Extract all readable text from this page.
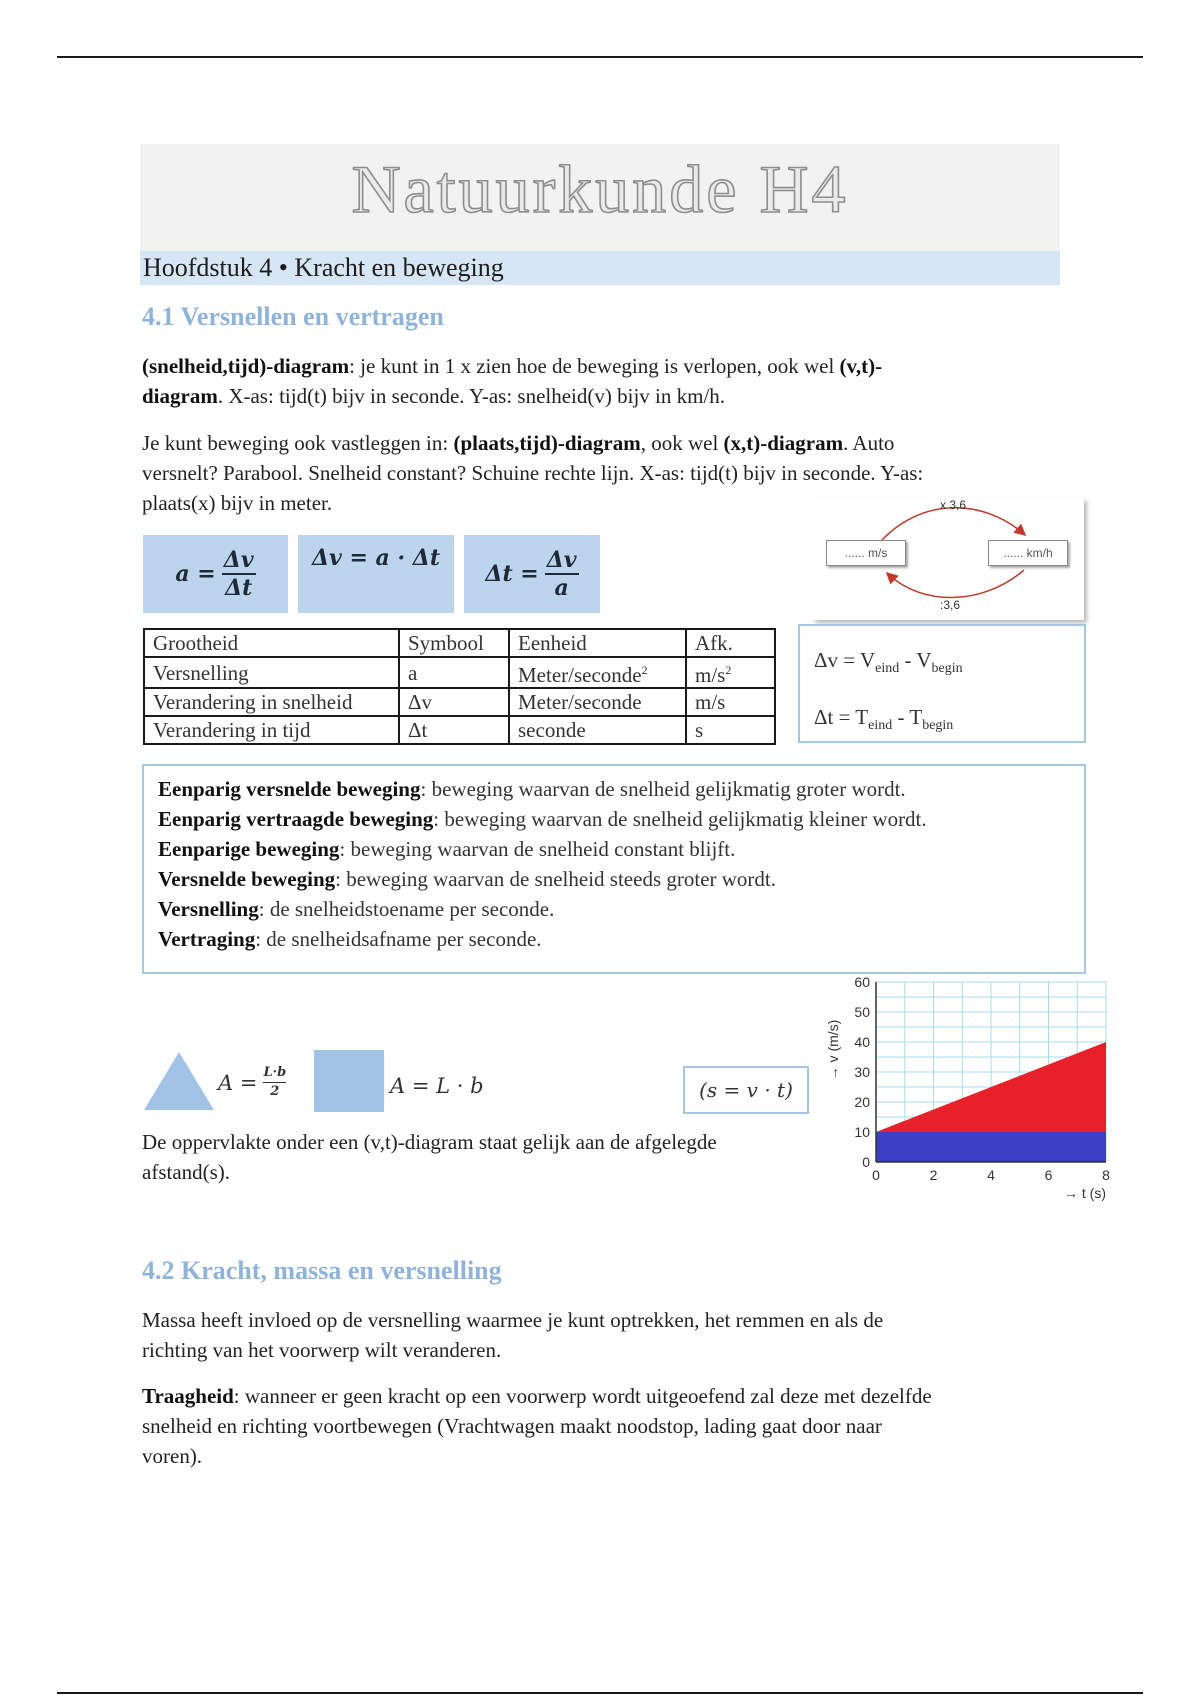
Natuurkunde H4
Hoofdstuk 4 • Kracht en beweging
4.1 Versnellen en vertragen
(snelheid,tijd)-diagram: je kunt in 1 x zien hoe de beweging is verlopen, ook wel (v,t)-
diagram. X-as: tijd(t) bijv in seconde. Y-as: snelheid(v) bijv in km/h.
Je kunt beweging ook vastleggen in: (plaats,tijd)-diagram, ook wel (x,t)-diagram. Auto
versnelt? Parabool. Snelheid constant? Schuine rechte lijn. X-as: tijd(t) bijv in seconde. Y-as:
plaats(x) bijv in meter.
$a = \frac{\Delta v}{\Delta t}$	Δv = a · Δt
$\Delta t = \frac{\Delta v}{a}$
x 3,6
:3,6
...... m/s	...... km/h
Grootheid	Symbool	Eenheid	Afk.
Versnelling	a	Meter/seconde$^2$	$m/s^2$
Verandering in snelheid	Δv	Meter/seconde	m/s
Verandering in tijd	Δt	seconde	s
$\Delta v = V_{eind} - V_{begin}$
$\Delta t = T_{eind} - T_{begin}$
Eenparig versnelde beweging: beweging waarvan de snelheid gelijkmatig groter wordt.
Eenparig vertraagde beweging: beweging waarvan de snelheid gelijkmatig kleiner wordt.
Eenparige beweging: beweging waarvan de snelheid constant blijft.
Versnelde beweging: beweging waarvan de snelheid steeds groter wordt.
Versnelling: de snelheidstoename per seconde.
Vertraging: de snelheidsafname per seconde.
$A = \frac{L\cdot b}{2}$	A = L · b	(s = v · t)
De oppervlakte onder een (v,t)-diagram staat gelijk aan de afgelegde
afstand(s).	0
10
20
30
40
50
60
0	2	4	6	8
→ v (m/s)
→ t (s)
4.2 Kracht, massa en versnelling
Massa heeft invloed op de versnelling waarmee je kunt optrekken, het remmen en als de
richting van het voorwerp wilt veranderen.
Traagheid: wanneer er geen kracht op een voorwerp wordt uitgeoefend zal deze met dezelfde
snelheid en richting voortbewegen (Vrachtwagen maakt noodstop, lading gaat door naar
voren).
